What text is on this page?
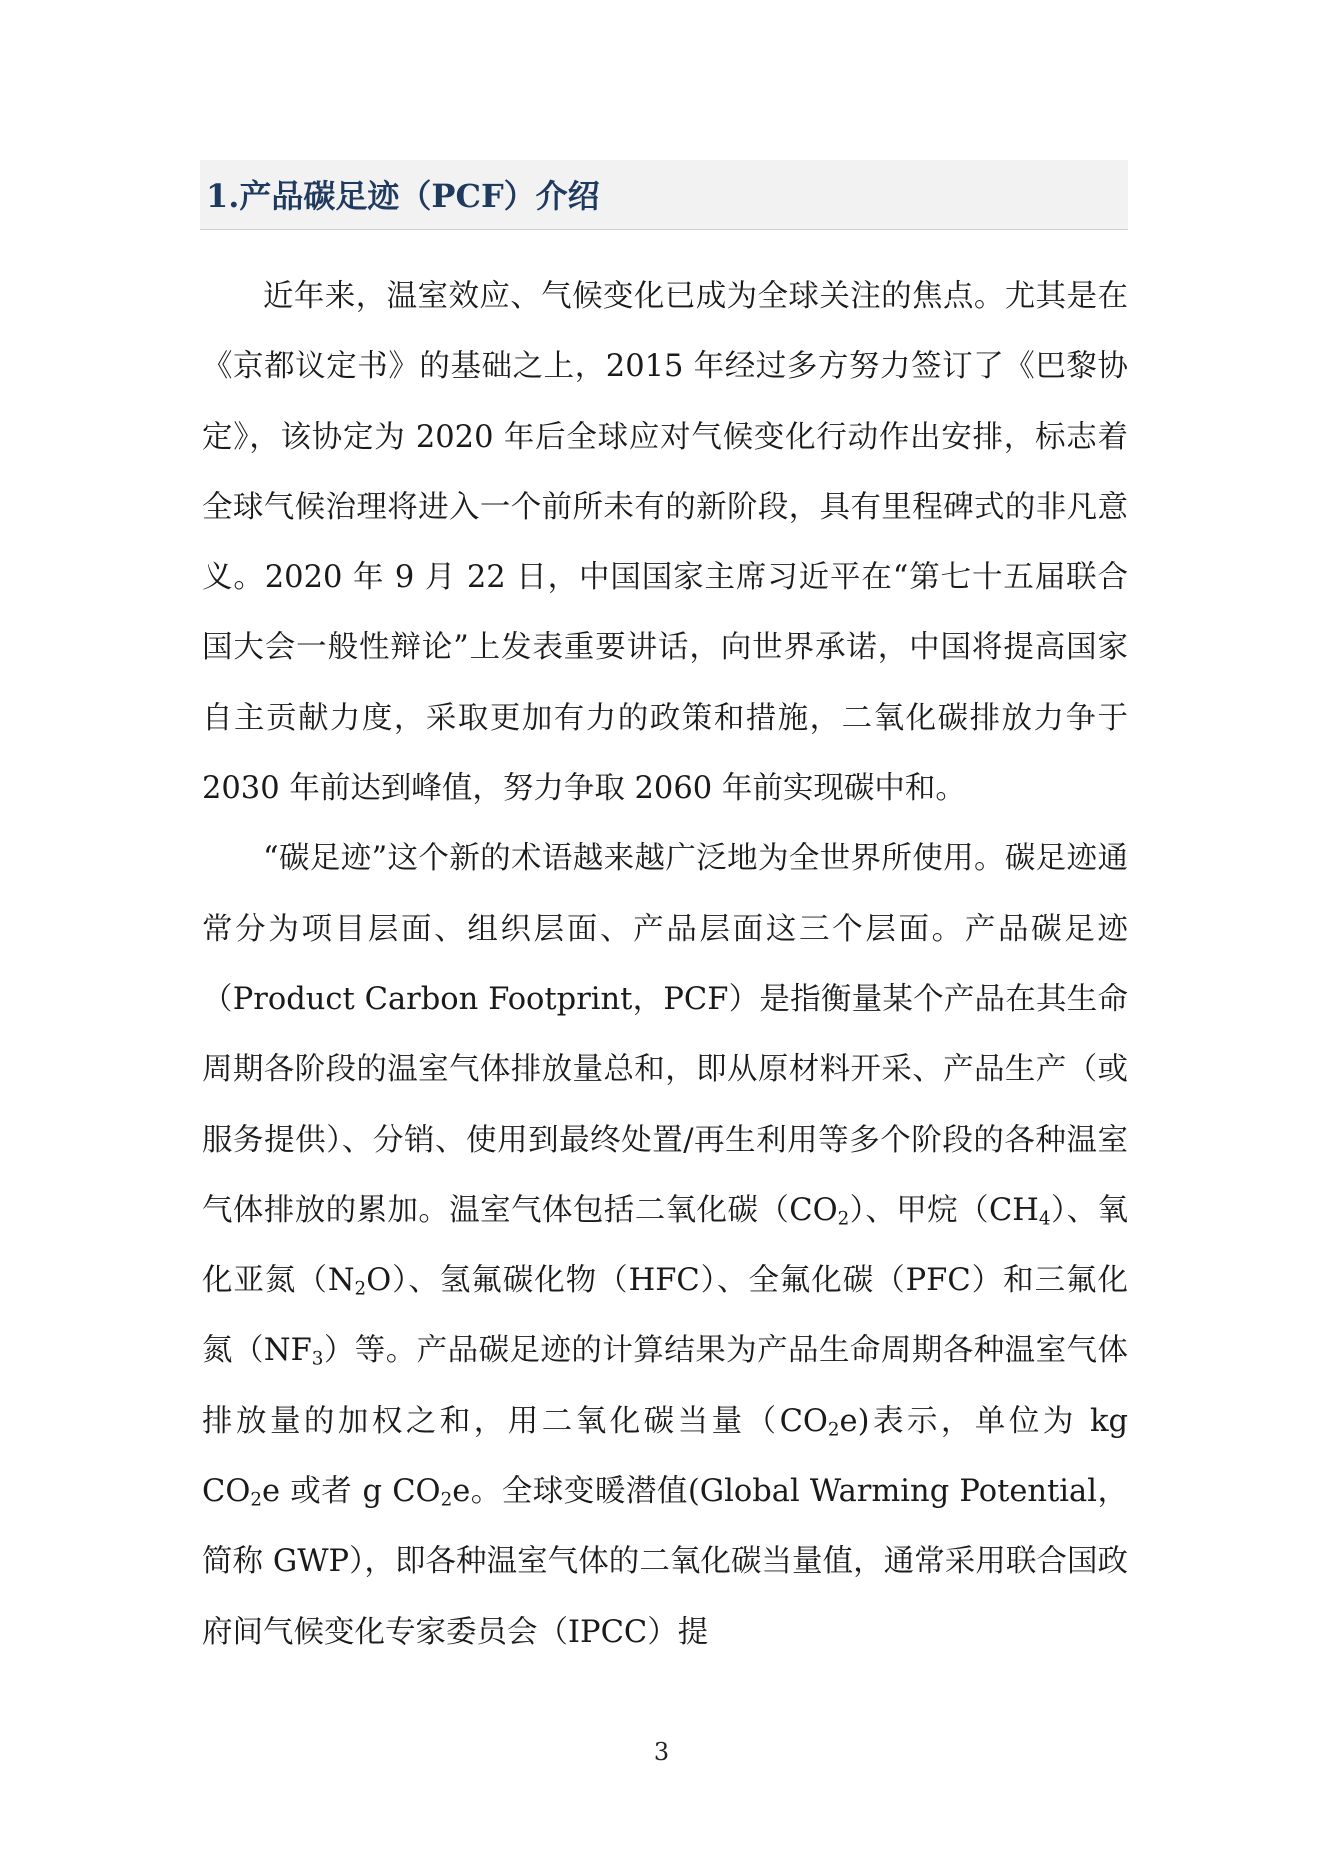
1.产品碳足迹（PCF）介绍

近年来，温室效应、气候变化已成为全球关注的焦点。尤其是在《京都议定书》的基础之上，2015 年经过多方努力签订了《巴黎协定》，该协定为 2020 年后全球应对气候变化行动作出安排，标志着全球气候治理将进入一个前所未有的新阶段，具有里程碑式的非凡意义。2020 年 9 月 22 日，中国国家主席习近平在“第七十五届联合国大会一般性辩论”上发表重要讲话，向世界承诺，中国将提高国家自主贡献力度，采取更加有力的政策和措施，二氧化碳排放力争于 2030 年前达到峰值，努力争取 2060 年前实现碳中和。

“碳足迹”这个新的术语越来越广泛地为全世界所使用。碳足迹通常分为项目层面、组织层面、产品层面这三个层面。产品碳足迹（Product Carbon Footprint，PCF）是指衡量某个产品在其生命周期各阶段的温室气体排放量总和，即从原材料开采、产品生产（或服务提供）、分销、使用到最终处置/再生利用等多个阶段的各种温室气体排放的累加。温室气体包括二氧化碳$(CO_2)$、甲烷$(CH_4)$、氧化亚氮$(N_2O)$、氢氟碳化物（HFC）、全氟化碳（PFC）和三氟化氮$(NF_3)$等。产品碳足迹的计算结果为产品生命周期各种温室气体排放量的加权之和，用二氧化碳当量$(CO_2e)$表示，单位为 kg $CO_2e$ 或者 g $CO_2e$。全球变暖潜值(Global Warming Potential，简称 GWP），即各种温室气体的二氧化碳当量值，通常采用联合国政府间气候变化专家委员会（IPCC）提

3
